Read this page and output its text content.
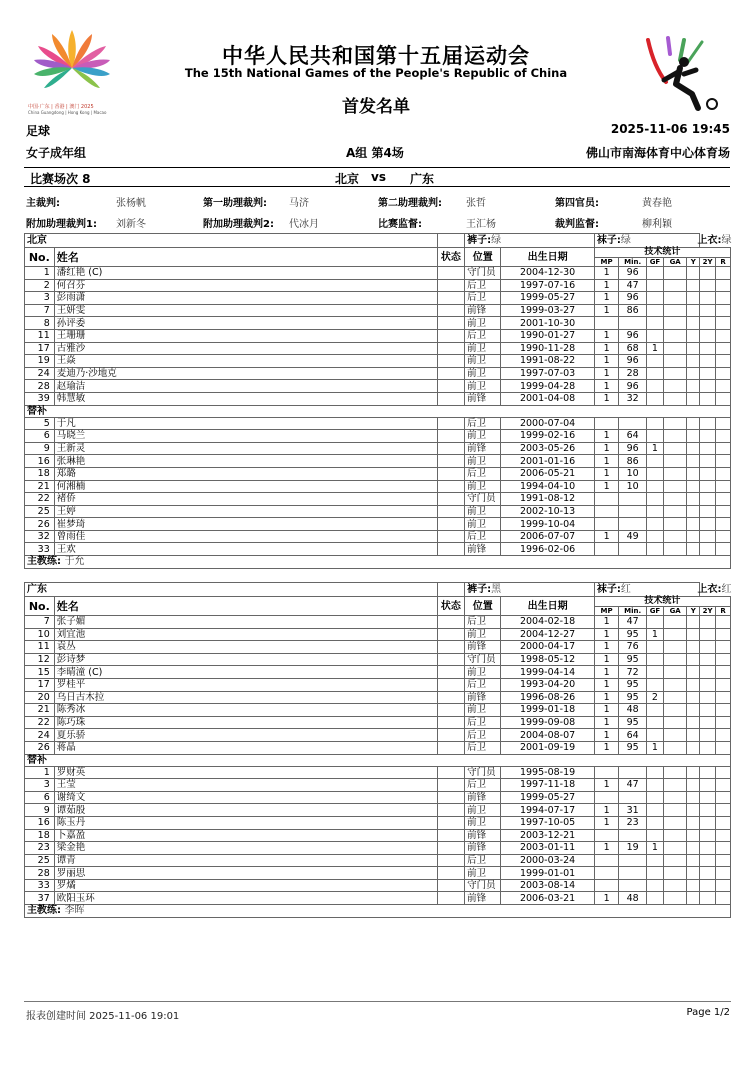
中国·广东 | 香港 | 澳门 2025
China Guangdong | Hong Kong | Macao
中华人民共和国第十五届运动会
The 15th National Games of the People's Republic of China
首发名单
足球	2025-11-06 19:45
女子成年组	A组 第4场	佛山市南海体育中心体育场
比赛场次 8	北京 vs 广东
主裁判:	张杨帆	第一助理裁判: 马济	第二助理裁判: 张哲	第四官员:	黄春艳
附加助理裁判1: 刘新冬	附加助理裁判2: 代冰月	比赛监督:	王汇杨	裁判监督:	柳利颖
北京		上衣:绿	裤子:绿		袜子:绿						
No.	姓名	状态	位置	出生日期	技术统计						
					MP	Min.	GF	GA	Y	2Y	R
1	潘红艳 (C)		守门员	2004-12-30	1	96					
2	何召芬		后卫	1997-07-16	1	47					
3	彭雨潇		后卫	1999-05-27	1	96					
7	王妍雯		前锋	1999-03-27	1	86					
8	孙评委		前卫	2001-10-30							
11	王珊珊		后卫	1990-01-27	1	96					
17	古雅沙		前卫	1990-11-28	1	68	1				
19	王焱		前卫	1991-08-22	1	96					
24	麦迪乃·沙地克		前卫	1997-07-03	1	28					
28	赵瑜洁		前卫	1999-04-28	1	96					
39	韩慧敏		前锋	2001-04-08	1	32					
替补											
5	于凡		后卫	2000-07-04							
6	马晓兰		前卫	1999-02-16	1	64					
9	王新灵		前锋	2003-05-26	1	96	1				
16	张琳艳		前卫	2001-01-16	1	86					
18	郑璐		后卫	2006-05-21	1	10					
21	何湘楠		前卫	1994-04-10	1	10					
22	褚侨		守门员	1991-08-12							
25	王婷		前卫	2002-10-13							
26	崔梦琦		前卫	1999-10-04							
32	曾雨佳		后卫	2006-07-07	1	49					
33	王欢		前锋	1996-02-06							
主教练: 于允											
广东		上衣:红	裤子:黑		袜子:红						
No.	姓名	状态	位置	出生日期	技术统计						
					MP	Min.	GF	GA	Y	2Y	R
7	张子媚		后卫	2004-02-18	1	47					
10	刘宜池		前卫	2004-12-27	1	95	1				
11	袁丛		前锋	2000-04-17	1	76					
12	彭诗梦		守门员	1998-05-12	1	95					
15	李晴潼 (C)		前卫	1999-04-14	1	72					
17	罗桂平		后卫	1993-04-20	1	95					
20	乌日古木拉		前锋	1996-08-26	1	95	2				
21	陈秀冰		前卫	1999-01-18	1	48					
22	陈巧珠		后卫	1999-09-08	1	95					
24	夏乐骄		后卫	2004-08-07	1	64					
26	蒋晶		后卫	2001-09-19	1	95	1				
替补											
1	罗财英		守门员	1995-08-19							
3	王莹		后卫	1997-11-18	1	47					
6	谢绮文		前锋	1999-05-27							
9	谭茹殷		前卫	1994-07-17	1	31					
16	陈玉丹		前卫	1997-10-05	1	23					
18	卜嘉盈		前锋	2003-12-21							
23	梁金艳		前锋	2003-01-11	1	19	1				
25	谭青		后卫	2000-03-24							
28	罗丽思		前卫	1999-01-01							
33	罗燏		守门员	2003-08-14							
37	欧阳玉环		前锋	2006-03-21	1	48					
主教练: 李晖											
报表创建时间 2025-11-06 19:01	Page 1/2
